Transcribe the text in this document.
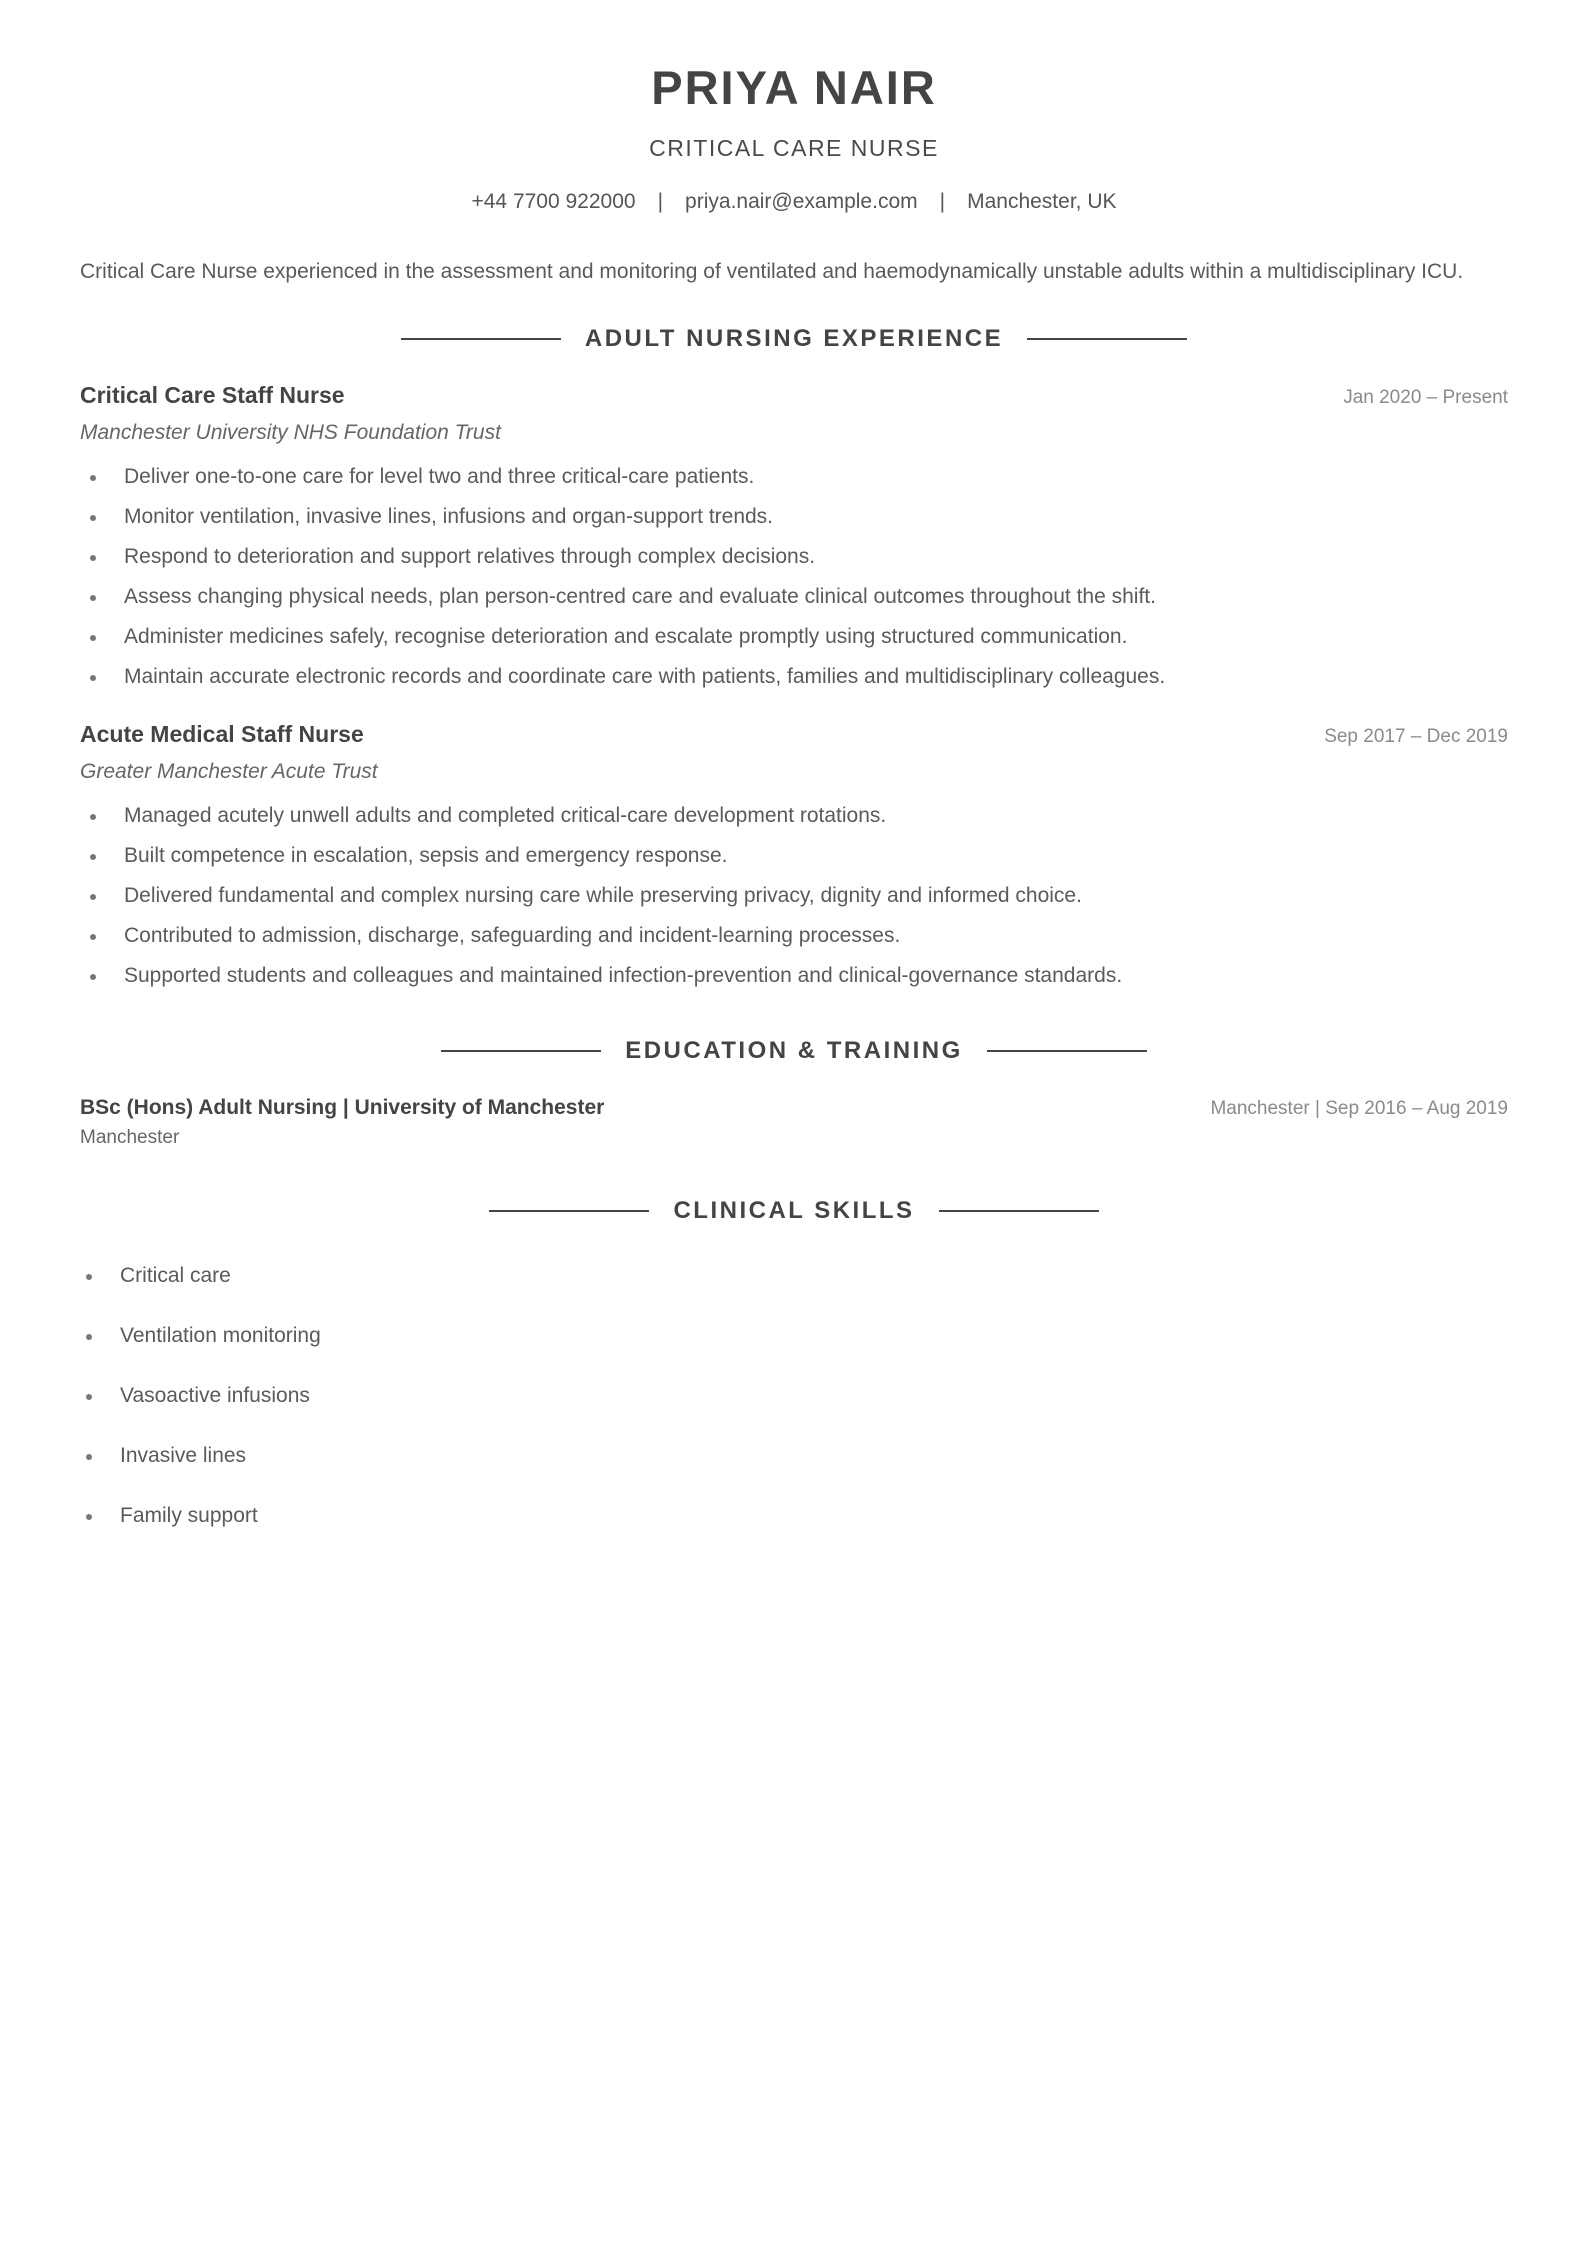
PRIYA NAIR
CRITICAL CARE NURSE
+44 7700 922000 | priya.nair@example.com | Manchester, UK
Critical Care Nurse experienced in the assessment and monitoring of ventilated and haemodynamically unstable adults within a multidisciplinary ICU.
ADULT NURSING EXPERIENCE
Critical Care Staff Nurse	Jan 2020 – Present
Manchester University NHS Foundation Trust
Deliver one-to-one care for level two and three critical-care patients.
Monitor ventilation, invasive lines, infusions and organ-support trends.
Respond to deterioration and support relatives through complex decisions.
Assess changing physical needs, plan person-centred care and evaluate clinical outcomes throughout the shift.
Administer medicines safely, recognise deterioration and escalate promptly using structured communication.
Maintain accurate electronic records and coordinate care with patients, families and multidisciplinary colleagues.
Acute Medical Staff Nurse	Sep 2017 – Dec 2019
Greater Manchester Acute Trust
Managed acutely unwell adults and completed critical-care development rotations.
Built competence in escalation, sepsis and emergency response.
Delivered fundamental and complex nursing care while preserving privacy, dignity and informed choice.
Contributed to admission, discharge, safeguarding and incident-learning processes.
Supported students and colleagues and maintained infection-prevention and clinical-governance standards.
EDUCATION & TRAINING
BSc (Hons) Adult Nursing | University of Manchester	Manchester | Sep 2016 – Aug 2019
Manchester
CLINICAL SKILLS
Critical care
Ventilation monitoring
Vasoactive infusions
Invasive lines
Family support
